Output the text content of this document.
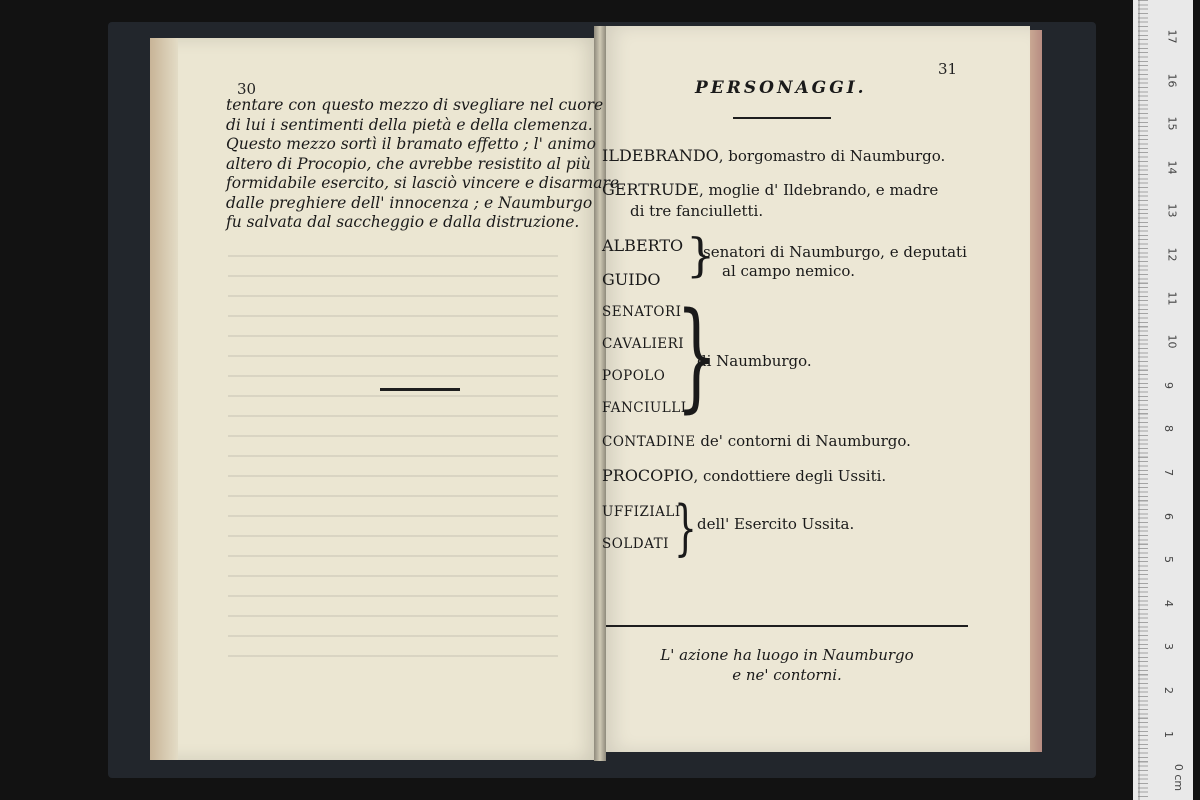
30
tentare con questo mezzo di svegliare nel cuore
di lui i sentimenti della pietà e della clemenza.
Questo mezzo sortì il bramato effetto ; l' animo
altero di Procopio, che avrebbe resistito al più
formidabile esercito, si lasciò vincere e disarmare
dalle preghiere dell' innocenza ; e Naumburgo
fu salvata dal saccheggio e dalla distruzione.
31
PERSONAGGI.
ILDEBRANDO, borgomastro di Naumburgo.
GERTRUDE, moglie d' Ildebrando, e madre
di tre fanciulletti.
ALBERTO
GUIDO }
senatori di Naumburgo, e deputati
al campo nemico.
SENATORI
CAVALIERI
POPOLO
FANCIULLI
}
di Naumburgo.
CONTADINE de' contorni di Naumburgo.
PROCOPIO, condottiere degli Ussiti.
UFFIZIALI
SOLDATI } dell' Esercito Ussita.
L' azione ha luogo in Naumburgo
e ne' contorni.
17
16
15
14
13
12
11
10
9
8
7
6
5
4
3
2
1
0 cm
